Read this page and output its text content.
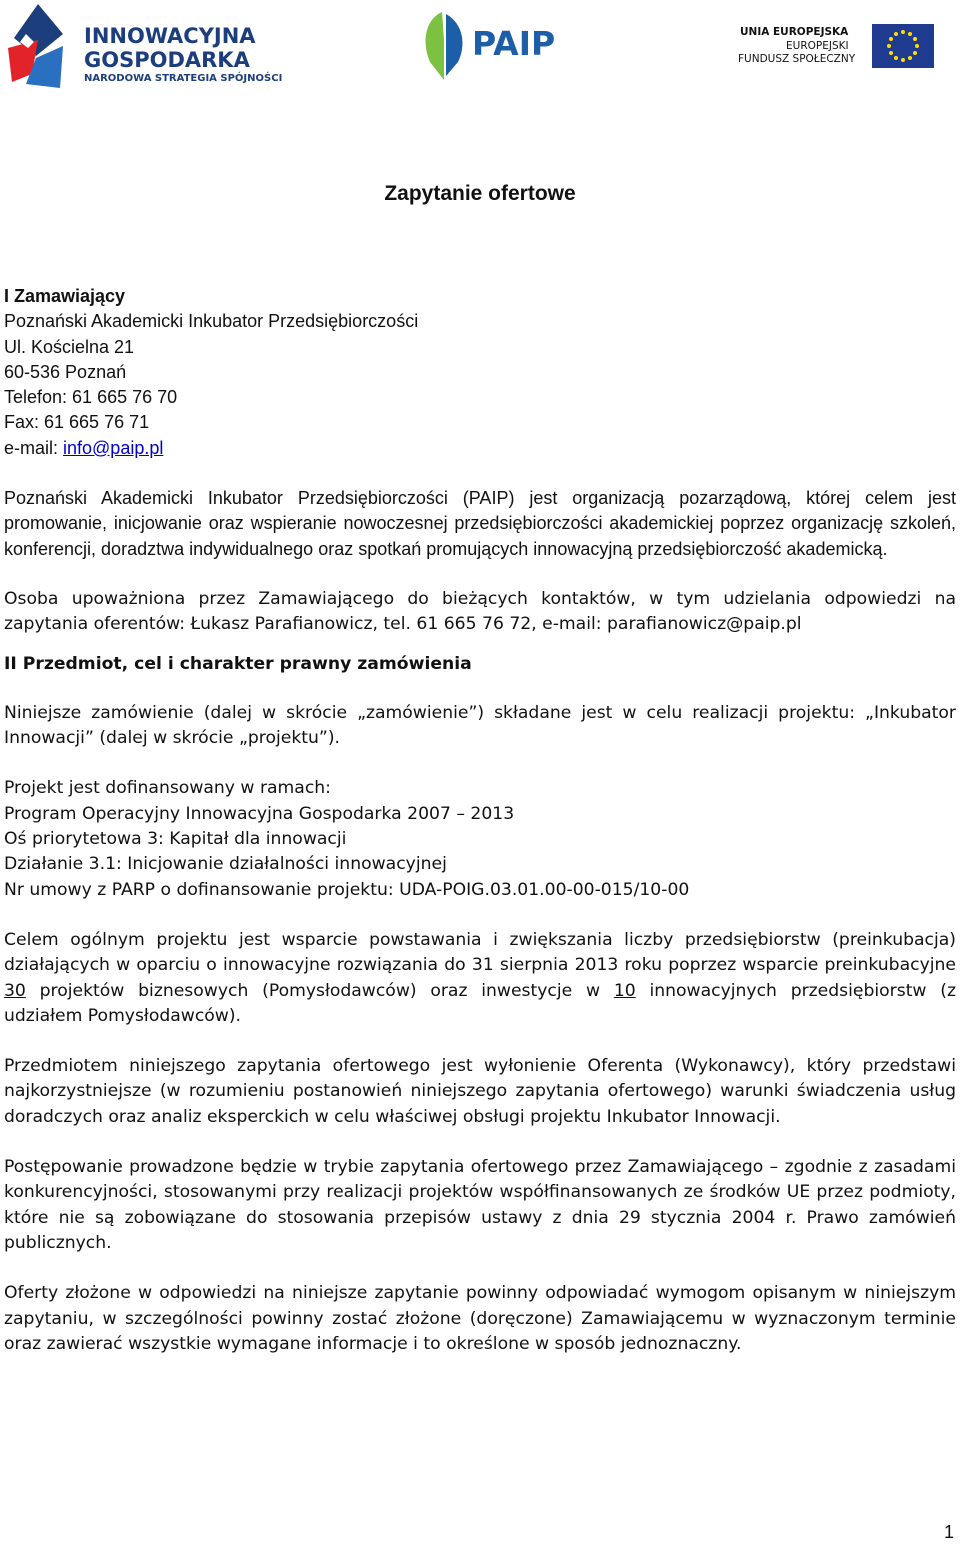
INNOWACYJNA
GOSPODARKA
NARODOWA STRATEGIA SPÓJNOŚCI
PAIP	UNIA EUROPEJSKA
EUROPEJSKI
FUNDUSZ SPOŁECZNY
Zapytanie ofertowe
I Zamawiający
Poznański Akademicki Inkubator Przedsiębiorczości
Ul. Kościelna 21
60-536 Poznań
Telefon: 61 665 76 70
Fax: 61 665 76 71

e-mail: info@paip.pl

Poznański Akademicki Inkubator Przedsiębiorczości (PAIP) jest organizacją pozarządową, której celem jest promowanie, inicjowanie oraz wspieranie nowoczesnej przedsiębiorczości akademickiej poprzez organizację szkoleń, konferencji, doradztwa indywidualnego oraz spotkań promujących innowacyjną przedsiębiorczość akademicką.

Osoba upoważniona przez Zamawiającego do bieżących kontaktów, w tym udzielania odpowiedzi na zapytania oferentów: Łukasz Parafianowicz, tel. 61 665 76 72, e-mail: parafianowicz@paip.pl

II Przedmiot, cel i charakter prawny zamówienia

Niniejsze zamówienie (dalej w skrócie „zamówienie”) składane jest w celu realizacji projektu: „Inkubator Innowacji” (dalej w skrócie „projektu”).

Projekt jest dofinansowany w ramach:
Program Operacyjny Innowacyjna Gospodarka 2007 – 2013
Oś priorytetowa 3: Kapitał dla innowacji
Działanie 3.1: Inicjowanie działalności innowacyjnej

Nr umowy z PARP o dofinansowanie projektu: UDA-POIG.03.01.00-00-015/10-00

Celem ogólnym projektu jest wsparcie powstawania i zwiększania liczby przedsiębiorstw (preinkubacja) działających w oparciu o innowacyjne rozwiązania do 31 sierpnia 2013 roku poprzez wsparcie preinkubacyjne 30 projektów biznesowych (Pomysłodawców) oraz inwestycje w 10 innowacyjnych przedsiębiorstw (z udziałem Pomysłodawców).

Przedmiotem niniejszego zapytania ofertowego jest wyłonienie Oferenta (Wykonawcy), który przedstawi najkorzystniejsze (w rozumieniu postanowień niniejszego zapytania ofertowego) warunki świadczenia usług doradczych oraz analiz eksperckich w celu właściwej obsługi projektu Inkubator Innowacji.

Postępowanie prowadzone będzie w trybie zapytania ofertowego przez Zamawiającego – zgodnie z zasadami konkurencyjności, stosowanymi przy realizacji projektów współfinansowanych ze środków UE przez podmioty, które nie są zobowiązane do stosowania przepisów ustawy z dnia 29 stycznia 2004 r. Prawo zamówień publicznych.

Oferty złożone w odpowiedzi na niniejsze zapytanie powinny odpowiadać wymogom opisanym w niniejszym zapytaniu, w szczególności powinny zostać złożone (doręczone) Zamawiającemu w wyznaczonym terminie oraz zawierać wszystkie wymagane informacje i to określone w sposób jednoznaczny.

1
